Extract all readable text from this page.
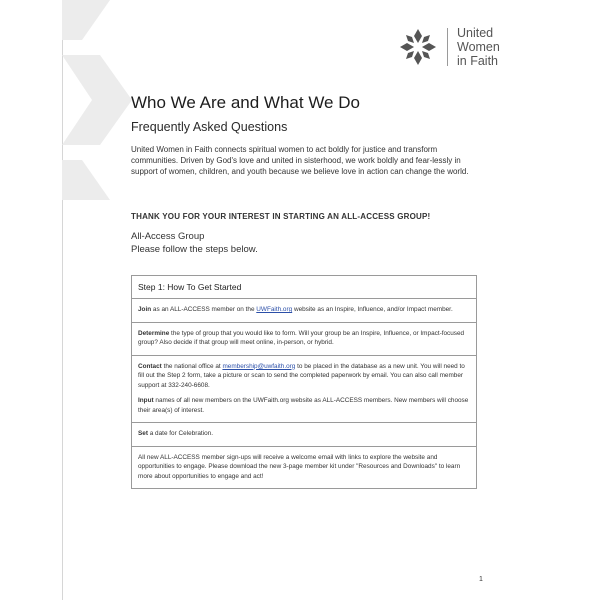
United
Women
in Faith
Who We Are and What We Do
Frequently Asked Questions

United Women in Faith connects spiritual women to act boldly for justice and transform communities. Driven by God's love and united in sisterhood, we work boldly and fear-lessly in support of women, children, and youth because we believe love in action can change the world.

THANK YOU FOR YOUR INTEREST IN STARTING AN ALL-ACCESS GROUP!

All-Access Group

Please follow the steps below.

Step 1: How To Get Started

Join as an ALL-ACCESS member on the UWFaith.org website as an Inspire, Influence, and/or Impact member.

Determine the type of group that you would like to form. Will your group be an Inspire, Influence, or Impact-focused group? Also decide if that group will meet online, in-person, or hybrid.

Contact the national office at membership@uwfaith.org to be placed in the database as a new unit. You will need to fill out the Step 2 form, take a picture or scan to send the completed paperwork by email. You can also call member support at 332-240-6608.

Input names of all new members on the UWFaith.org website as ALL-ACCESS members. New members will choose their area(s) of interest.

Set a date for Celebration.

All new ALL-ACCESS member sign-ups will receive a welcome email with links to explore the website and opportunities to engage. Please download the new 3-page member kit under "Resources and Downloads" to learn more about opportunities to engage and act!

1
